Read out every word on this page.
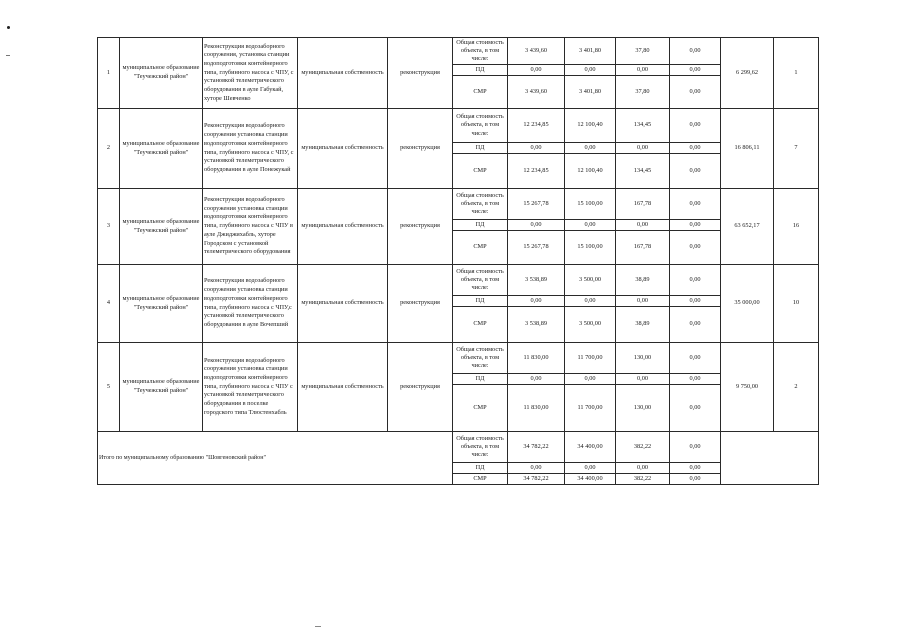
1	муниципальное образование "Теучежский район"	Реконструкция водозаборного сооружения, установка станции водоподготовки контейнерного типа, глубинного насоса с ЧПУ, с установкой телеметрического оборудования в ауле Габукай, хуторе Шевченко	муниципальная собственность	реконструкция	Общая стоимость объекта, в том числе:	3 439,60	3 401,80	37,80	0,00	6 299,62	1
					ПД	0,00	0,00	0,00	0,00		
					СМР	3 439,60	3 401,80	37,80	0,00		
2	муниципальное образование "Теучежский район"	Реконструкция водозаборного сооружения установка станции водоподготовки контейнерного типа, глубинного насоса с ЧПУ, с установкой телеметрического оборудования в ауле Понежукай	муниципальная собственность	реконструкция	Общая стоимость объекта, в том числе:	12 234,85	12 100,40	134,45	0,00	16 806,11	7
					ПД	0,00	0,00	0,00	0,00		
					СМР	12 234,85	12 100,40	134,45	0,00		
3	муниципальное образование "Теучежский район"	Реконструкция водозаборного сооружения установка станции водоподготовки контейнерного типа, глубинного насоса с ЧПУ в ауле Джиджихабль, хуторе Городском с установкой телеметрического оборудования	муниципальная собственность	реконструкция	Общая стоимость объекта, в том числе:	15 267,78	15 100,00	167,78	0,00	63 652,17	16
					ПД	0,00	0,00	0,00	0,00		
					СМР	15 267,78	15 100,00	167,78	0,00		
4	муниципальное образование "Теучежский район"	Реконструкция водозаборного сооружения установка станции водоподготовки контейнерного типа, глубинного насоса с ЧПУ,с установкой телеметрического оборудования в ауле Вочепший	муниципальная собственность	реконструкция	Общая стоимость объекта, в том числе:	3 538,89	3 500,00	38,89	0,00	35 000,00	10
					ПД	0,00	0,00	0,00	0,00		
					СМР	3 538,89	3 500,00	38,89	0,00		
5	муниципальное образование "Теучежский район"	Реконструкция водозаборного сооружения установка станции водоподготовки контейнерного типа, глубинного насоса с ЧПУ с установкой телеметрического оборудования в поселке городского типа Тлюстенхабль	муниципальная собственность	реконструкция	Общая стоимость объекта, в том числе:	11 830,00	11 700,00	130,00	0,00	9 750,00	2
					ПД	0,00	0,00	0,00	0,00		
					СМР	11 830,00	11 700,00	130,00	0,00		
Итого по муниципальному образованию "Шовгеновский район"					Общая стоимость объекта, в том числе:	34 782,22	34 400,00	382,22	0,00		
					ПД	0,00	0,00	0,00	0,00		
					СМР	34 782,22	34 400,00	382,22	0,00		
